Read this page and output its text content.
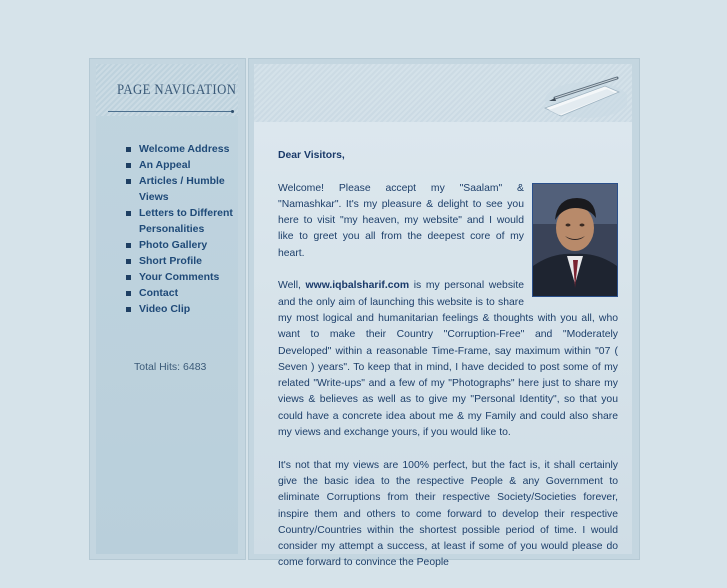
PAGE NAVIGATION
Welcome Address
An Appeal
Articles / Humble Views
Letters to Different Personalities
Photo Gallery
Short Profile
Your Comments
Contact
Video Clip
Total Hits: 6483

Dear Visitors,

Welcome! Please accept my "Saalam" & "Namashkar". It's my pleasure & delight to see you here to visit "my heaven, my website" and I would like to greet you all from the deepest core of my heart.

Well, www.iqbalsharif.com is my personal website and the only aim of launching this website is to share my most logical and humanitarian feelings & thoughts with you all, who want to make their Country "Corruption-Free" and "Moderately Developed" within a reasonable Time-Frame, say maximum within "07 ( Seven ) years". To keep that in mind, I have decided to post some of my related "Write-ups" and a few of my "Photographs" here just to share my views & believes as well as to give my "Personal Identity", so that you could have a concrete idea about me & my Family and could also share my views and exchange yours, if you would like to.

It's not that my views are 100% perfect, but the fact is, it shall certainly give the basic idea to the respective People & any Government to eliminate Corruptions from their respective Society/Societies forever, inspire them and others to come forward to develop their respective Country/Countries within the shortest possible period of time. I would consider my attempt a success, at least if some of you would please do come forward to convince the People
